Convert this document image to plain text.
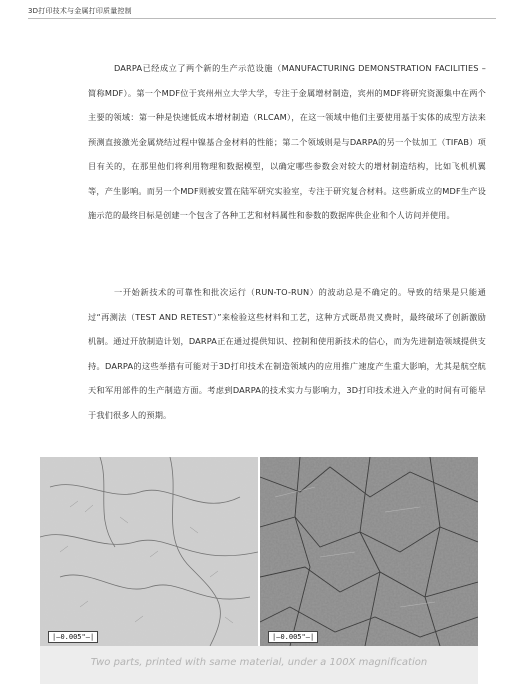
3D打印技术与金属打印质量控制

DARPA已经成立了两个新的生产示范设施（MANUFACTURING DEMONSTRATION FACILITIES – 简称MDF）。第一个MDF位于宾州州立大学大学，专注于金属增材制造，宾州的MDF将研究资源集中在两个主要的领域：第一种是快速低成本增材制造（RLCAM），在这一领域中他们主要使用基于实体的成型方法来预测直接激光金属烧结过程中镍基合金材料的性能；第二个领域则是与DARPA的另一个钛加工（TIFAB）项目有关的，在那里他们将利用物理和数据模型，以确定哪些参数会对较大的增材制造结构，比如飞机机翼等，产生影响。而另一个MDF则被安置在陆军研究实验室，专注于研究复合材料。这些新成立的MDF生产设施示范的最终目标是创建一个包含了各种工艺和材料属性和参数的数据库供企业和个人访问并使用。

一开始新技术的可靠性和批次运行（RUN-TO-RUN）的波动总是不确定的。导致的结果是只能通过“再测法（TEST AND RETEST）”来检验这些材料和工艺，这种方式既昂贵又费时，最终破坏了创新激励机制。通过开放制造计划，DARPA正在通过提供知识、控制和使用新技术的信心，而为先进制造领域提供支持。DARPA的这些举措有可能对于3D打印技术在制造领域内的应用推广速度产生重大影响，尤其是航空航天和军用部件的生产制造方面。考虑到DARPA的技术实力与影响力，3D打印技术进入产业的时间有可能早于我们很多人的预期。

|—0.005"—|	|—0.005"—|
Two parts, printed with same material, under a 100X magnification
